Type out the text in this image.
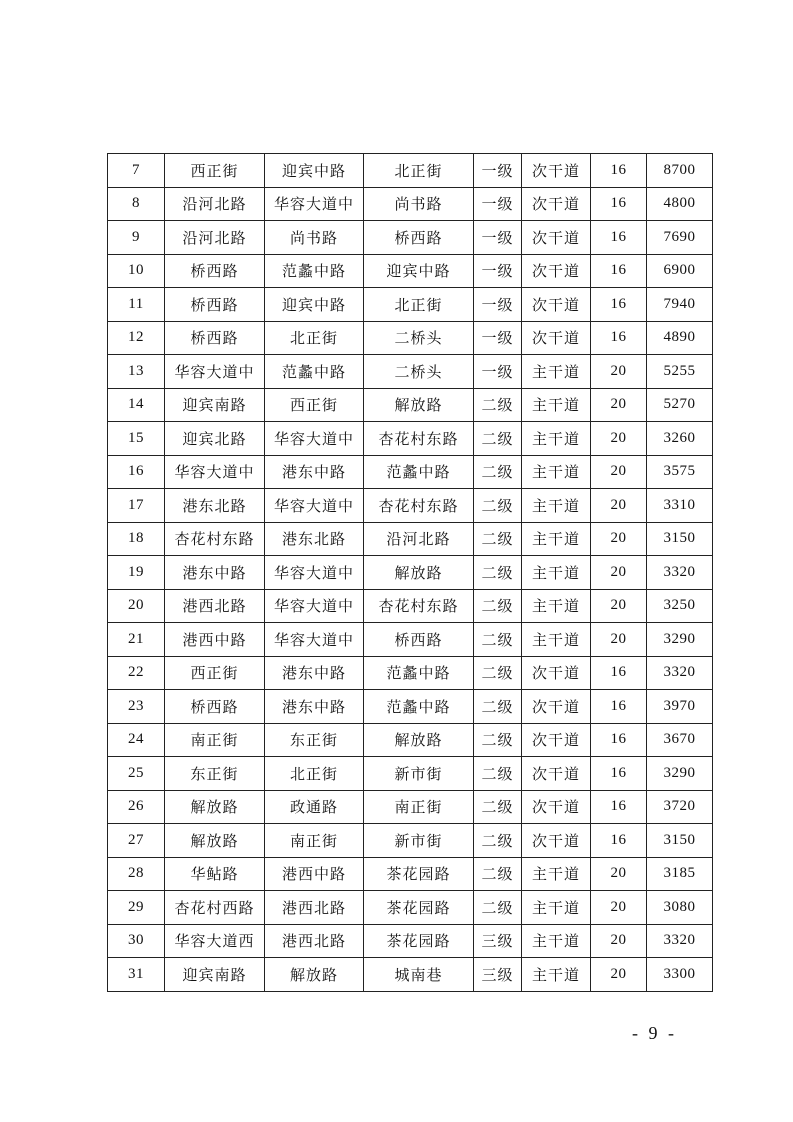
7	西正街	迎宾中路	北正街	一级	次干道	16	8700
8	沿河北路	华容大道中	尚书路	一级	次干道	16	4800
9	沿河北路	尚书路	桥西路	一级	次干道	16	7690
10	桥西路	范蠡中路	迎宾中路	一级	次干道	16	6900
11	桥西路	迎宾中路	北正街	一级	次干道	16	7940
12	桥西路	北正街	二桥头	一级	次干道	16	4890
13	华容大道中	范蠡中路	二桥头	一级	主干道	20	5255
14	迎宾南路	西正街	解放路	二级	主干道	20	5270
15	迎宾北路	华容大道中	杏花村东路	二级	主干道	20	3260
16	华容大道中	港东中路	范蠡中路	二级	主干道	20	3575
17	港东北路	华容大道中	杏花村东路	二级	主干道	20	3310
18	杏花村东路	港东北路	沿河北路	二级	主干道	20	3150
19	港东中路	华容大道中	解放路	二级	主干道	20	3320
20	港西北路	华容大道中	杏花村东路	二级	主干道	20	3250
21	港西中路	华容大道中	桥西路	二级	主干道	20	3290
22	西正街	港东中路	范蠡中路	二级	次干道	16	3320
23	桥西路	港东中路	范蠡中路	二级	次干道	16	3970
24	南正街	东正街	解放路	二级	次干道	16	3670
25	东正街	北正街	新市街	二级	次干道	16	3290
26	解放路	政通路	南正街	二级	次干道	16	3720
27	解放路	南正街	新市街	二级	次干道	16	3150
28	华鲇路	港西中路	茶花园路	二级	主干道	20	3185
29	杏花村西路	港西北路	茶花园路	二级	主干道	20	3080
30	华容大道西	港西北路	茶花园路	三级	主干道	20	3320
31	迎宾南路	解放路	城南巷	三级	主干道	20	3300
- 9 -
